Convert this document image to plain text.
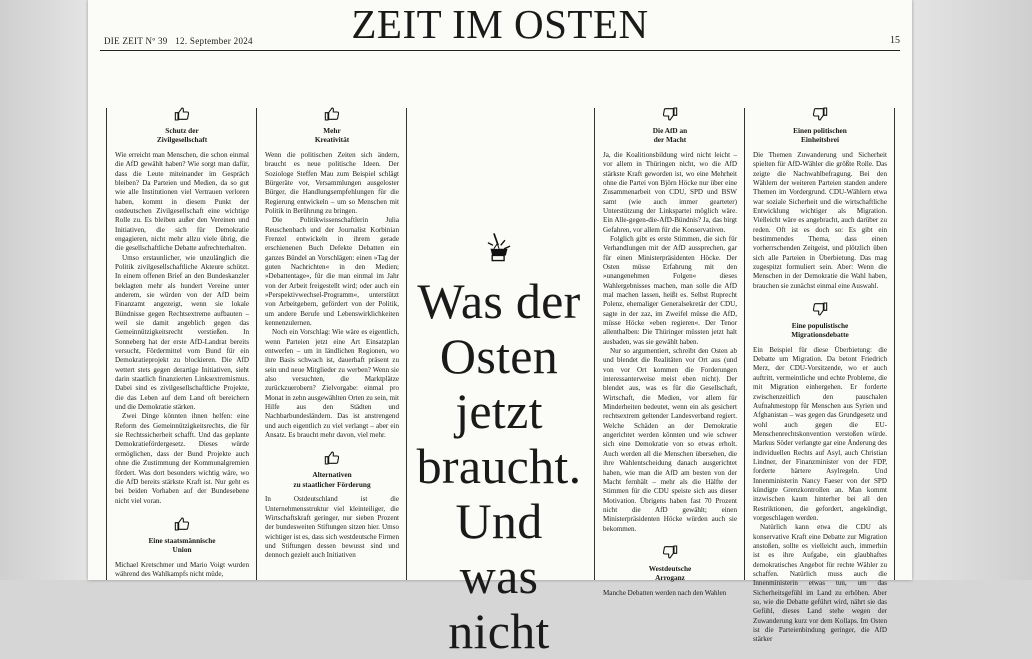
ZEIT IM OSTEN
DIE ZEIT Nº 39 12. September 2024	15
Schutz der
Zivilgesellschaft

Wie erreicht man Menschen, die schon einmal die AfD gewählt haben? Wie sorgt man dafür, dass die Leute miteinander im Gespräch bleiben? Da Parteien und Medien, da so gut wie alle Institutionen viel Vertrauen verloren haben, kommt in diesem Punkt der ostdeutschen Zivilgesellschaft eine wichtige Rolle zu. Es bleiben außer den Vereinen und Initiativen, die sich für Demokratie engagieren, nicht mehr allzu viele übrig, die die gesellschaftliche Debatte aufrechterhalten.

Umso erstaunlicher, wie unzulänglich die Politik zivilgesellschaftliche Akteure schützt. In einem offenen Brief an den Bundeskanzler beklagten mehr als hundert Vereine unter anderem, sie würden von der AfD beim Finanzamt angezeigt, wenn sie lokale Bündnisse gegen Rechtsextreme aufbauten – weil sie damit angeblich gegen das Gemeinnützigkeitsrecht verstießen. In Sonneberg hat der erste AfD-Landrat bereits versucht, Fördermittel vom Bund für ein Demokratieprojekt zu blockieren. Die AfD wettert stets gegen derartige Initiativen, sieht darin staatlich finanzierten Linksextremismus. Dabei sind es zivilgesellschaftliche Projekte, die das Leben auf dem Land oft bereichern und die Demokratie stärken.

Zwei Dinge könnten ihnen helfen: eine Reform des Gemeinnützigkeitsrechts, die für sie Rechtssicherheit schafft. Und das geplante Demokratiefördergesetz. Dieses würde ermöglichen, dass der Bund Projekte auch ohne die Zustimmung der Kommunalgremien fördert. Was dort besonders wichtig wäre, wo die AfD bereits stärkste Kraft ist. Nur geht es bei beiden Vorhaben auf der Bundesebene nicht viel voran.

Eine staatsmännische
Union

Michael Kretschmer und Mario Voigt wurden während des Wahlkampfs nicht müde,

Mehr
Kreativität

Wenn die politischen Zeiten sich ändern, braucht es neue politische Ideen. Der Soziologe Steffen Mau zum Beispiel schlägt Bürgeräte vor, Versammlungen ausgeloster Bürger, die Handlungsempfehlungen für die Regierung entwickeln – um so Menschen mit Politik in Berührung zu bringen.

Die Politikwissenschaftlerin Julia Reuschenbach und der Journalist Korbinian Frenzel entwickeln in ihrem gerade erschienenen Buch Defekte Debatten ein ganzes Bündel an Vorschlägen: einen »Tag der guten Nachrichten« in den Medien; »Debattentage«, für die man einmal im Jahr von der Arbeit freigestellt wird; oder auch ein »Perspektivwechsel-Programm«, unterstützt von Arbeitgebern, gefördert von der Politik, um andere Berufe und Lebenswirklichkeiten kennenzulernen.

Noch ein Vorschlag: Wie wäre es eigentlich, wenn Parteien jetzt eine Art Einsatzplan entwerfen – um in ländlichen Regionen, wo ihre Basis schwach ist, dauerhaft präsent zu sein und neue Mitglieder zu werben? Wenn sie also versuchten, die Marktplätze zurückzuerobern? Zielvorgabe: einmal pro Monat in zehn ausgewählten Orten zu sein, mit Hilfe aus den Städten und Nachbarbundesländern. Das ist anstrengend und auch eigentlich zu viel verlangt – aber ein Ansatz. Es braucht mehr davon, viel mehr.

Alternativen
zu staatlicher Förderung

In Ostdeutschland ist die Unternehmensstruktur viel kleinteiliger, die Wirtschaftskraft geringer, nur sieben Prozent der bundesweiten Stiftungen sitzen hier. Umso wichtiger ist es, dass sich westdeutsche Firmen und Stiftungen dessen bewusst sind und dennoch gezielt auch Initiativen

Was der
Osten
jetzt
braucht.
Und was
nicht
Die AfD an
der Macht

Ja, die Koalitionsbildung wird nicht leicht – vor allem in Thüringen nicht, wo die AfD stärkste Kraft geworden ist, wo eine Mehrheit ohne die Partei von Björn Höcke nur über eine Zusammenarbeit von CDU, SPD und BSW samt (wie auch immer gearteter) Unterstützung der Linkspartei möglich wäre. Ein Alle-gegen-die-AfD-Bündnis? Ja, das birgt Gefahren, vor allem für die Konservativen.

Folglich gibt es erste Stimmen, die sich für Verhandlungen mit der AfD aussprechen, gar für einen Ministerpräsidenten Höcke. Der Osten müsse Erfahrung mit den »unangenehmen Folgen« dieses Wahlergebnisses machen, man solle die AfD mal machen lassen, heißt es. Selbst Ruprecht Polenz, ehemaliger Generalsekretär der CDU, sagte in der zaz, im Zweifel müsse die AfD, müsse Höcke »eben regieren«. Der Tenor allenthalben: Die Thüringer müssten jetzt halt ausbaden, was sie gewählt haben.

Nur so argumentiert, schreibt den Osten ab und blendet die Realitäten vor Ort aus (und von vor Ort kommen die Forderungen interessanterweise meist eben nicht). Der blendet aus, was es für die Gesellschaft, Wirtschaft, die Medien, vor allem für Minderheiten bedeutet, wenn ein als gesichert rechtsextrem geltender Landesverband regiert. Welche Schäden an der Demokratie angerichtet werden könnten und wie schwer sich eine Demokratie von so etwas erholt. Auch werden all die Menschen übersehen, die ihre Wahlentscheidung danach ausgerichtet haben, wie man die AfD am besten von der Macht fernhält – mehr als die Hälfte der Stimmen für die CDU speiste sich aus dieser Motivation. Übrigens haben fast 70 Prozent nicht die AfD gewählt; einen Ministerpräsidenten Höcke würden auch sie bekommen.

Westdeutsche
Arroganz

Manche Debatten werden nach den Wahlen

Einen politischen
Einheitsbrei

Die Themen Zuwanderung und Sicherheit spielten für AfD-Wähler die größte Rolle. Das zeigte die Nachwahlbefragung. Bei den Wählern der weiteren Parteien standen andere Themen im Vordergrund. CDU-Wählern etwa war soziale Sicherheit und die wirtschaftliche Entwicklung wichtiger als Migration. Vielleicht wäre es angebracht, auch darüber zu reden. Oft ist es doch so: Es gibt ein bestimmendes Thema, dass einen vorherrschenden Zeitgeist, und plötzlich üben sich alle Parteien in Überbietung. Das mag zugespitzt formuliert sein. Aber: Wenn die Menschen in der Demokratie die Wahl haben, brauchen sie zunächst einmal eine Auswahl.

Eine populistische
Migrationsdebatte

Ein Beispiel für diese Überbietung: die Debatte um Migration. Da betont Friedrich Merz, der CDU-Vorsitzende, wo er auch auftritt, vermeintliche und echte Probleme, die mit Migration einhergehen. Er forderte zwischenzeitlich den pauschalen Aufnahmestopp für Menschen aus Syrien und Afghanistan – was gegen das Grundgesetz und wohl auch gegen die EU-Menschenrechtskonvention verstoßen würde. Markus Söder verlangte gar eine Änderung des individuellen Rechts auf Asyl, auch Christian Lindner, der Finanzminister von der FDP, forderte härtere Asylregeln. Und Innenministerin Nancy Faeser von der SPD kündigte Grenzkontrollen an. Man kommt inzwischen kaum hinterher bei all den Restriktionen, die gefordert, angekündigt, vorgeschlagen werden.

Natürlich kann etwa die CDU als konservative Kraft eine Debatte zur Migration anstoßen, sollte es vielleicht auch, immerhin ist es ihre Aufgabe, ein glaubhaftes demokratisches Angebot für rechte Wähler zu schaffen. Natürlich muss auch die Innenministerin etwas tun, um das Sicherheitsgefühl im Land zu erhöhen. Aber so, wie die Debatte geführt wird, nährt sie das Gefühl, dieses Land stehe wegen der Zuwanderung kurz vor dem Kollaps. Im Osten ist die Parteienbindung geringer, die AfD stärker
